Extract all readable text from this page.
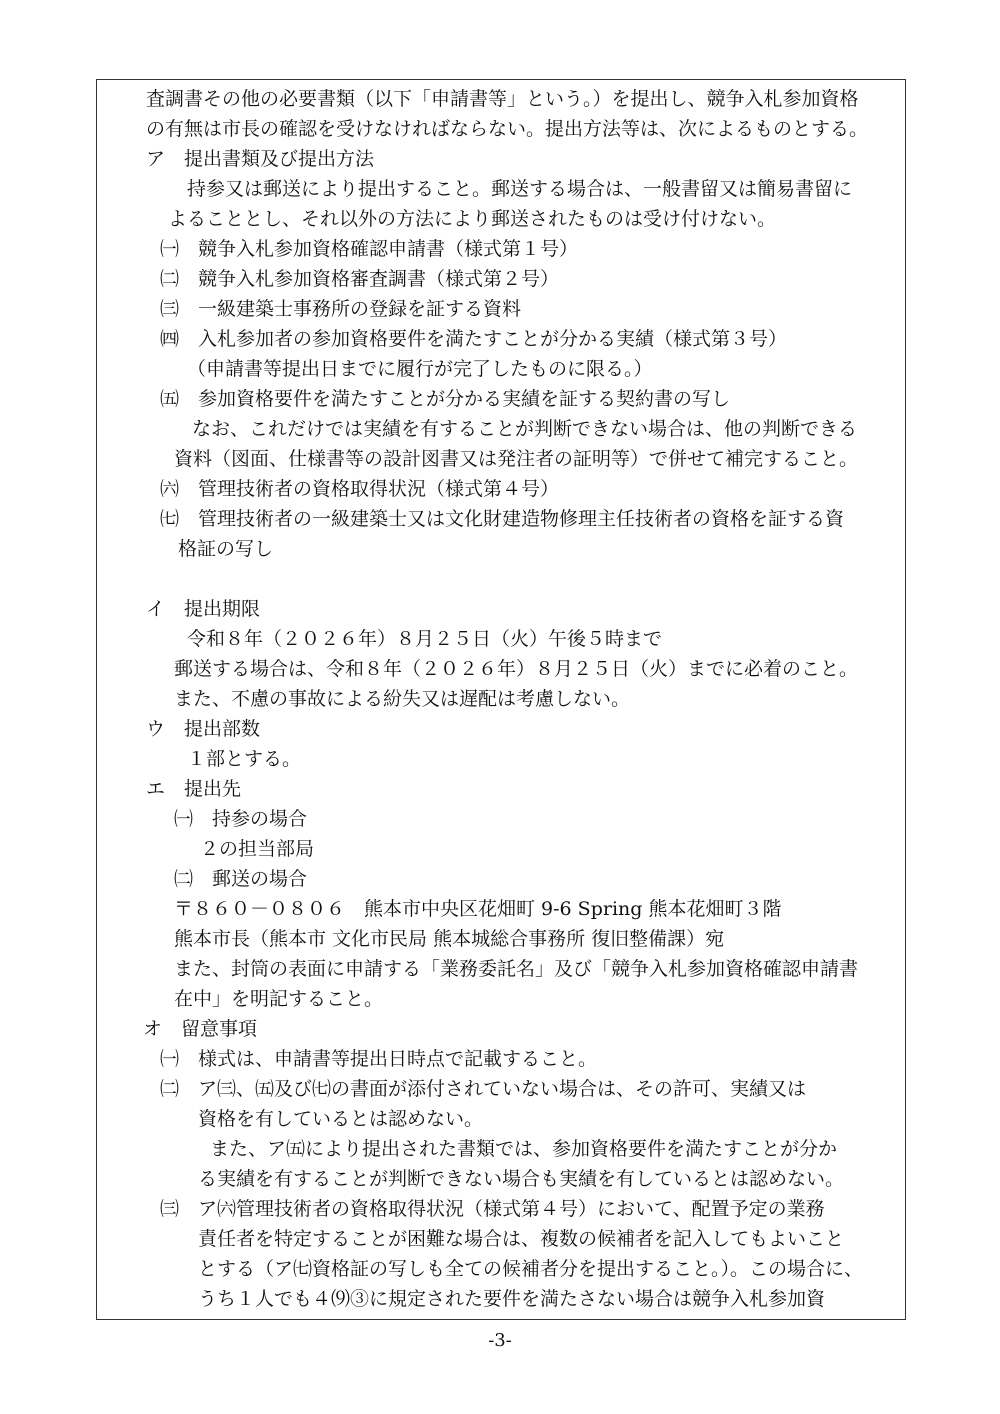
査調書その他の必要書類（以下「申請書等」という。）を提出し、競争入札参加資格
の有無は市長の確認を受けなければならない。提出方法等は、次によるものとする。
ア　提出書類及び提出方法
持参又は郵送により提出すること。郵送する場合は、一般書留又は簡易書留に
よることとし、それ以外の方法により郵送されたものは受け付けない。
㈠　競争入札参加資格確認申請書（様式第１号）
㈡　競争入札参加資格審査調書（様式第２号）
㈢　一級建築士事務所の登録を証する資料
㈣　入札参加者の参加資格要件を満たすことが分かる実績（様式第３号）
（申請書等提出日までに履行が完了したものに限る。）
㈤　参加資格要件を満たすことが分かる実績を証する契約書の写し
なお、これだけでは実績を有することが判断できない場合は、他の判断できる
資料（図面、仕様書等の設計図書又は発注者の証明等）で併せて補完すること。
㈥　管理技術者の資格取得状況（様式第４号）
㈦　管理技術者の一級建築士又は文化財建造物修理主任技術者の資格を証する資
格証の写し
イ　提出期限
令和８年（２０２６年）８月２５日（火）午後５時まで
郵送する場合は、令和８年（２０２６年）８月２５日（火）までに必着のこと。
また、不慮の事故による紛失又は遅配は考慮しない。
ウ　提出部数
１部とする。
エ　提出先
㈠　持参の場合
２の担当部局
㈡　郵送の場合
〒８６０－０８０６　熊本市中央区花畑町 9-6 Spring 熊本花畑町３階
熊本市長（熊本市 文化市民局 熊本城総合事務所 復旧整備課）宛
また、封筒の表面に申請する「業務委託名」及び「競争入札参加資格確認申請書
在中」を明記すること。
オ　留意事項
㈠　様式は、申請書等提出日時点で記載すること。
㈡　ア㈢、㈤及び㈦の書面が添付されていない場合は、その許可、実績又は
資格を有しているとは認めない。
また、ア㈤により提出された書類では、参加資格要件を満たすことが分か
る実績を有することが判断できない場合も実績を有しているとは認めない。
㈢　ア㈥管理技術者の資格取得状況（様式第４号）において、配置予定の業務
責任者を特定することが困難な場合は、複数の候補者を記入してもよいこと
とする（ア㈦資格証の写しも全ての候補者分を提出すること。）。この場合に、
うち１人でも４⑼③に規定された要件を満たさない場合は競争入札参加資
-3-
